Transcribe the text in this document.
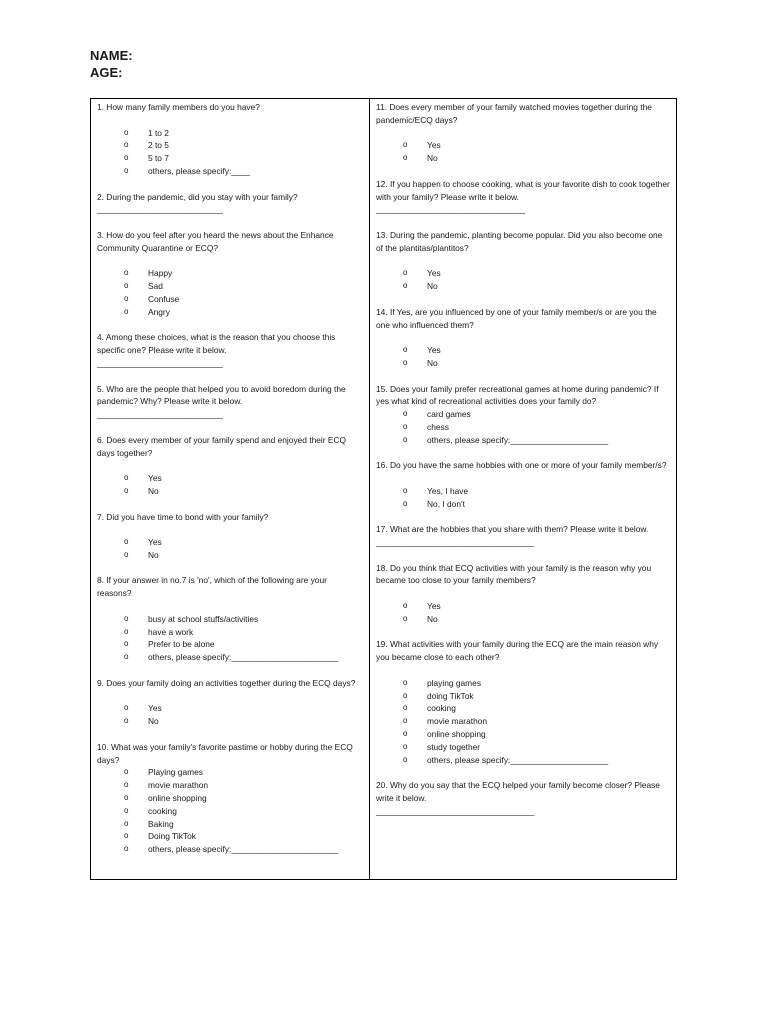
NAME:
AGE:
1. How many family members do you have?
o 1 to 2
o 2 to 5
o 5 to 7
o others, please specify:____
2. During the pandemic, did you stay with your family?
___________________________
3. How do you feel after you heard the news about the Enhance Community Quarantine or ECQ?
o Happy
o Sad
o Confuse
o Angry
4. Among these choices, what is the reason that you choose this specific one? Please write it below.
___________________________
5. Who are the people that helped you to avoid boredom during the pandemic? Why? Please write it below.
___________________________
6. Does every member of your family spend and enjoyed their ECQ days together?
o Yes
o No
7. Did you have time to bond with your family?
o Yes
o No
8. If your answer in no.7 is 'no', which of the following are your reasons?
o busy at school stuffs/activities
o have a work
o Prefer to be alone
o others, please specify:_______________________
9. Does your family doing an activities together during the ECQ days?
o Yes
o No
10. What was your family's favorite pastime or hobby during the ECQ days?
o Playing games
o movie marathon
o online shopping
o cooking
o Baking
o Doing TikTok
o others, please specify:_______________________
11. Does every member of your family watched movies together during the pandemic/ECQ days?
o Yes
o No
12. If you happen to choose cooking, what is your favorite dish to cook together with your family? Please write it below.
________________________________
13. During the pandemic, planting become popular. Did you also become one of the plantitas/plantitos?
o Yes
o No
14. If Yes, are you influenced by one of your family member/s or are you the one who influenced them?
o Yes
o No
15. Does your family prefer recreational games at home during pandemic? If yes what kind of recreational activities does your family do?
o card games
o chess
o others, please specify:_____________________
16. Do you have the same hobbies with one or more of your family member/s?
o Yes, I have
o No, I don't
17. What are the hobbies that you share with them? Please write it below.
__________________________________
18. Do you think that ECQ activities with your family is the reason why you became too close to your family members?
o Yes
o No
19. What activities with your family during the ECQ are the main reason why you became close to each other?
o playing games
o doing TikTok
o cooking
o movie marathon
o online shopping
o study together
o others, please specify:_____________________
20. Why do you say that the ECQ helped your family become closer? Please write it below.
__________________________________
